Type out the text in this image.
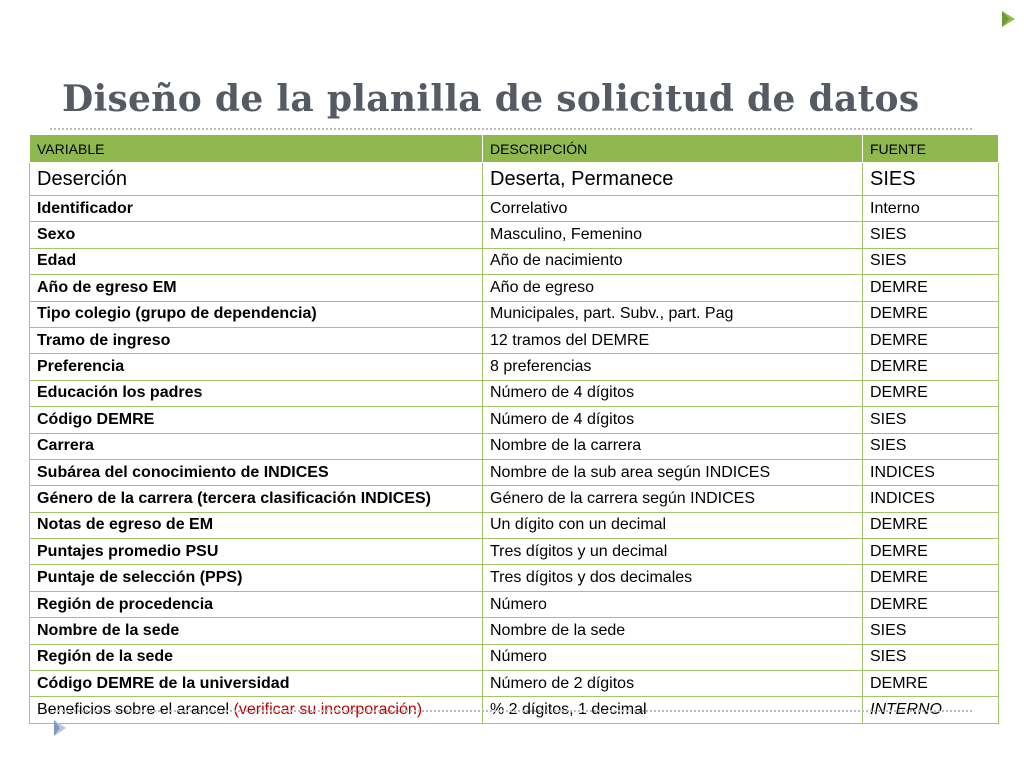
Diseño de la planilla de solicitud de datos
VARIABLE	DESCRIPCIÓN	FUENTE
Deserción	Deserta, Permanece	SIES
Identificador	Correlativo	Interno
Sexo	Masculino, Femenino	SIES
Edad	Año de nacimiento	SIES
Año de egreso EM	Año de egreso	DEMRE
Tipo colegio (grupo de dependencia)	Municipales, part. Subv., part. Pag	DEMRE
Tramo de ingreso	12 tramos del DEMRE	DEMRE
Preferencia	8 preferencias	DEMRE
Educación los padres	Número de 4 dígitos	DEMRE
Código DEMRE	Número de 4 dígitos	SIES
Carrera	Nombre de la carrera	SIES
Subárea del conocimiento de INDICES	Nombre de la sub area según INDICES	INDICES
Género de la carrera (tercera clasificación INDICES)	Género de la carrera según INDICES	INDICES
Notas de egreso de EM	Un dígito con un decimal	DEMRE
Puntajes promedio PSU	Tres dígitos y un decimal	DEMRE
Puntaje de selección (PPS)	Tres dígitos y dos decimales	DEMRE
Región de procedencia	Número	DEMRE
Nombre de la sede	Nombre de la sede	SIES
Región de la sede	Número	SIES
Código DEMRE de la universidad	Número de 2 dígitos	DEMRE
Beneficios sobre el arancel (verificar su incorporación)	% 2 dígitos, 1 decimal	INTERNO
